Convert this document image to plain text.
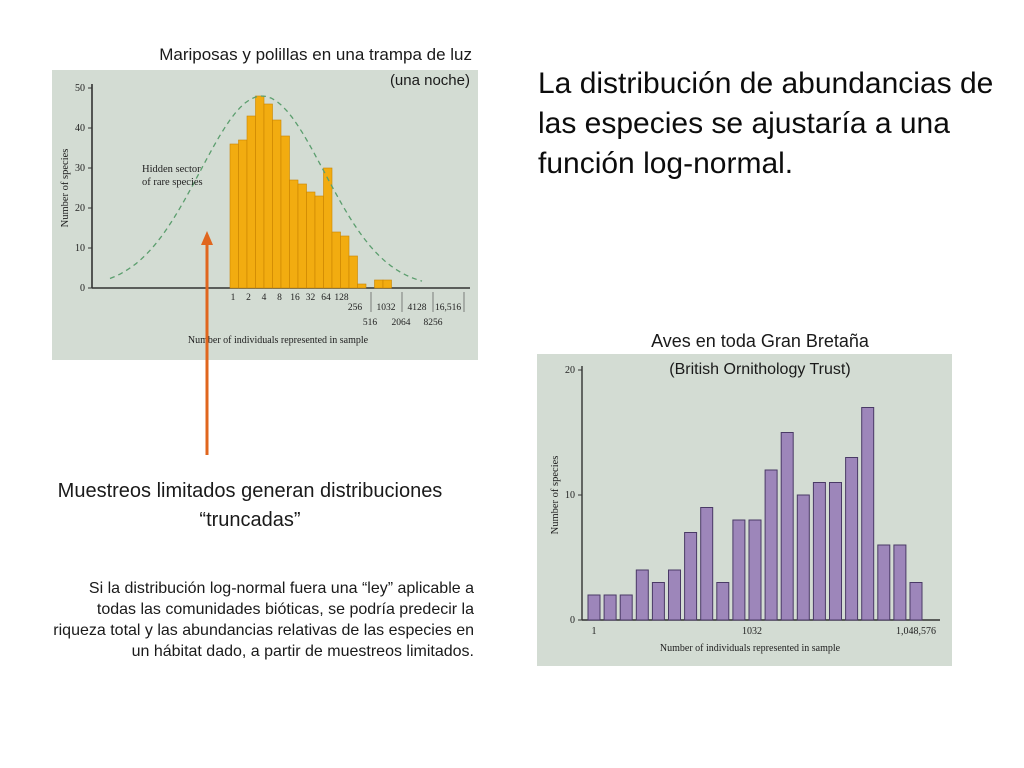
0
10
20
30
40
50
Number of species	Hidden sector
of rare species
1 2 4 8 16 32 64 128
256 1032 4128 16,516
516 2064 8256
Number of individuals represented in sample
0
10
20
Number of species
1	1032	1,048,576
Number of individuals represented in sample
Mariposas y polillas en una trampa de luz
(una noche) La distribución de abundancias de las especies se ajustaría a una función log-normal.
Aves en toda Gran Bretaña
(British Ornithology Trust)
Muestreos limitados generan distribuciones “truncadas”
Si la distribución log-normal fuera una “ley” aplicable a todas las comunidades bióticas, se podría predecir la riqueza total y las abundancias relativas de las especies en un hábitat dado, a partir de muestreos limitados.
